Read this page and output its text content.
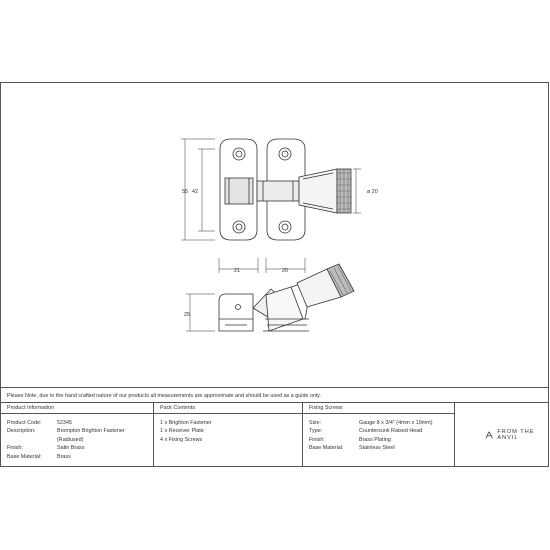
55 42	ø 20
21	20
25
Please Note, due to the hand crafted nature of our products all measurements are approximate and should be used as a guide only.
Product Information
Product Code:	52345
Description:	Brompton Brighton Fastener
(Radiused)
Finish:	Satin Brass
Base Material:	Brass
Pack Contents
1 x Brighton Fastener
1 x Receiver Plate
4 x Fixing Screws
Fixing Screws
Size:	Gauge 8 x 3/4" (4mm x 19mm)
Type:	Countersunk Raised Head
Finish:	Brass Plating
Base Material:	Stainless Steel
FROM THE ANVIL
